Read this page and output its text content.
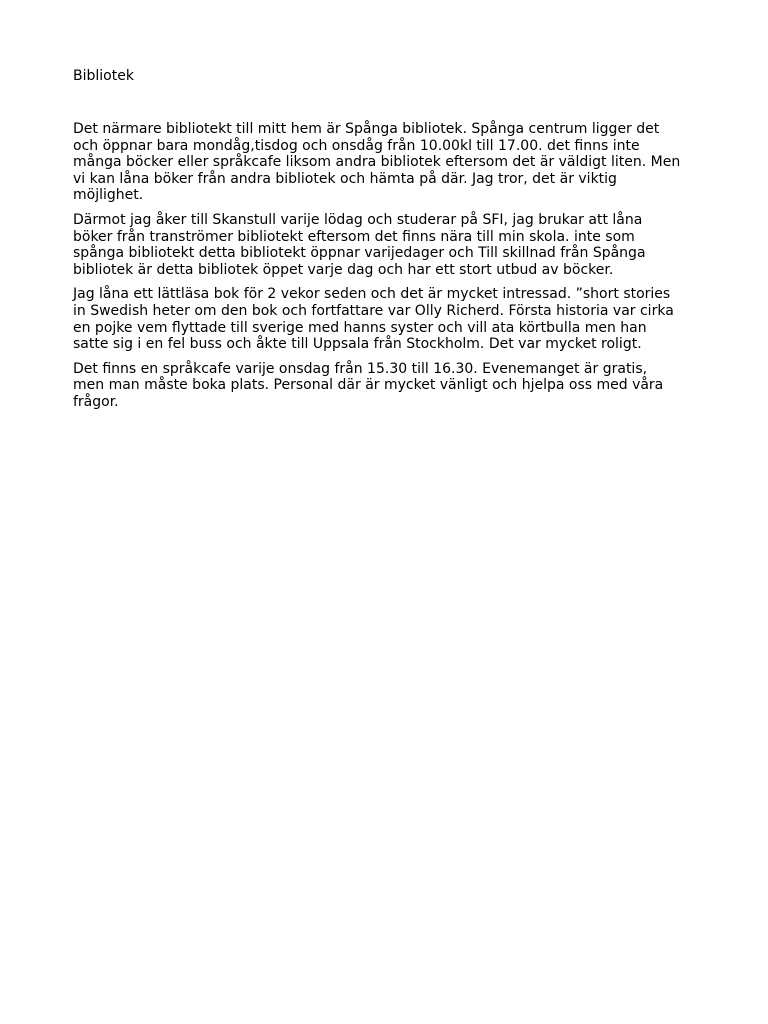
Bibliotek

Det närmare bibliotekt till mitt hem är Spånga bibliotek. Spånga centrum ligger det
och öppnar bara mondåg,tisdog och onsdåg från 10.00kl till 17.00. det finns inte
många böcker eller språkcafe liksom andra bibliotek eftersom det är väldigt liten. Men
vi kan låna böker från andra bibliotek och hämta på där. Jag tror, det är viktig
möjlighet.

Därmot jag åker till Skanstull varije lödag och studerar på SFI, jag brukar att låna
böker från tranströmer bibliotekt eftersom det finns nära till min skola. inte som
spånga bibliotekt detta bibliotekt öppnar varijedager och Till skillnad från Spånga
bibliotek är detta bibliotek öppet varje dag och har ett stort utbud av böcker.

Jag låna ett lättläsa bok för 2 vekor seden och det är mycket intressad. ”short stories
in Swedish heter om den bok och fortfattare var Olly Richerd. Första historia var cirka
en pojke vem flyttade till sverige med hanns syster och vill ata körtbulla men han
satte sig i en fel buss och åkte till Uppsala från Stockholm. Det var mycket roligt.

Det finns en språkcafe varije onsdag från 15.30 till 16.30. Evenemanget är gratis,
men man måste boka plats. Personal där är mycket vänligt och hjelpa oss med våra
frågor.
